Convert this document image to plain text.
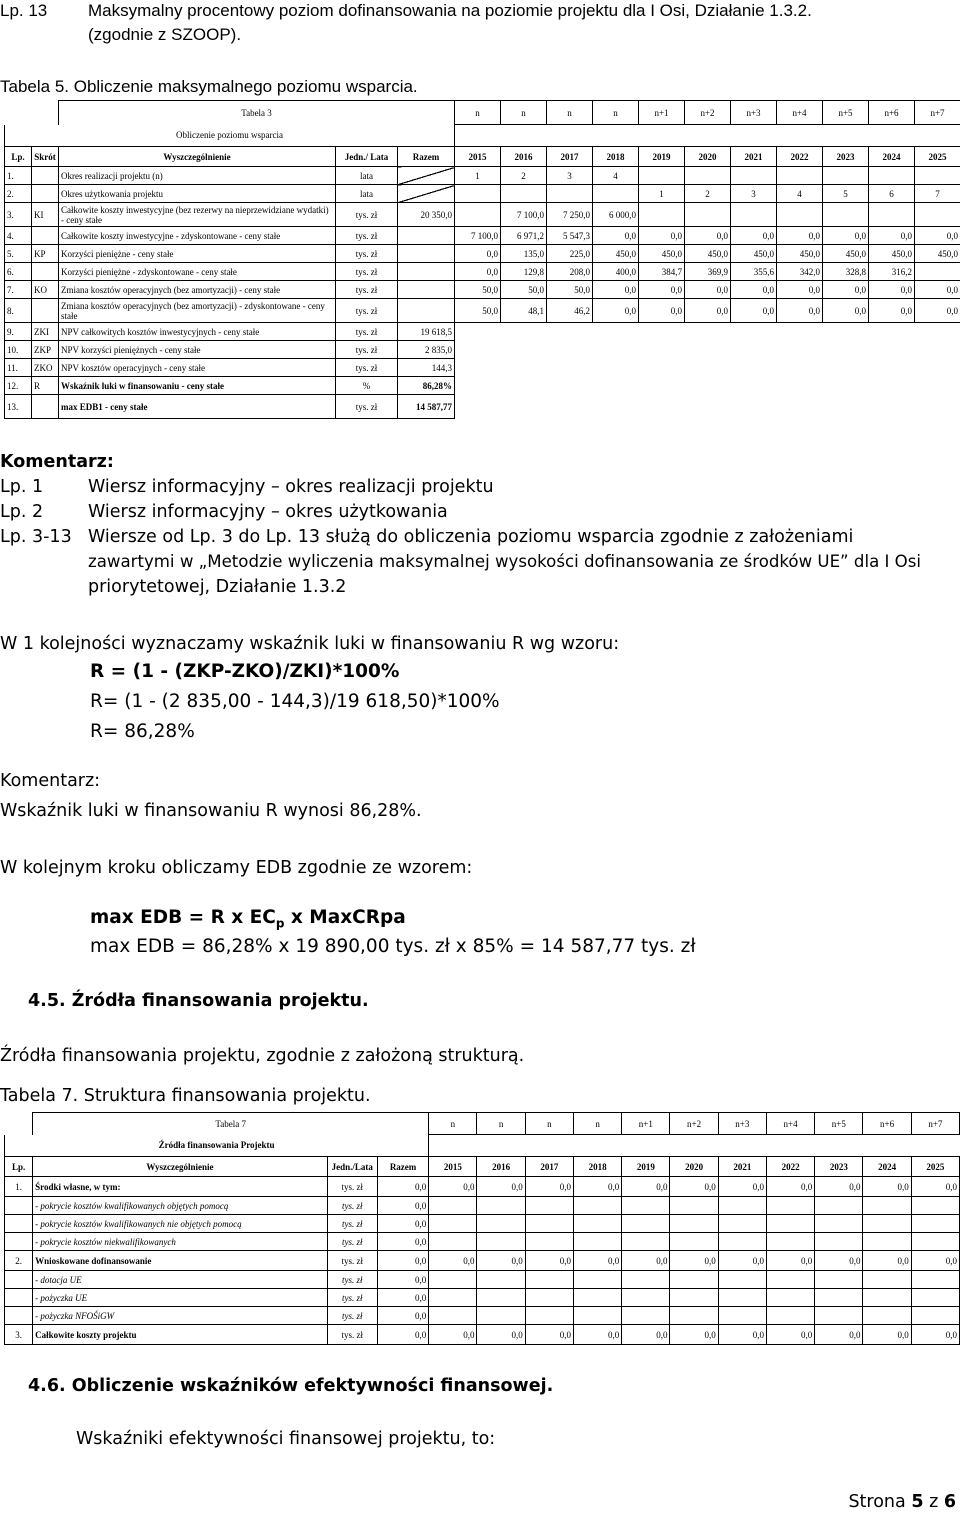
Lp. 13 Maksymalny procentowy poziom dofinansowania na poziomie projektu dla I Osi, Działanie 1.3.2.
(zgodnie z SZOOP).
Tabela 5. Obliczenie maksymalnego poziomu wsparcia.
		Tabela 3			n	n	n	n	n+1	n+2	n+3	n+4	n+5	n+6	n+7
Obliczenie poziomu wsparcia															
Lp.	Skrót	Wyszczególnienie	Jedn./ Lata	Razem	2015	2016	2017	2018	2019	2020	2021	2022	2023	2024	2025
1.		Okres realizacji projektu (n)	lata		1	2	3	4							
2.		Okres użytkowania projektu	lata						1	2	3	4	5	6	7
3.	KI	Całkowite koszty inwestycyjne (bez rezerwy na nieprzewidziane wydatki) - ceny stałe	tys. zł	20 350,0		7 100,0	7 250,0	6 000,0							
4.		Całkowite koszty inwestycyjne - zdyskontowane - ceny stałe	tys. zł		7 100,0	6 971,2	5 547,3	0,0	0,0	0,0	0,0	0,0	0,0	0,0	0,0
5.	KP	Korzyści pieniężne - ceny stałe	tys. zł		0,0	135,0	225,0	450,0	450,0	450,0	450,0	450,0	450,0	450,0	450,0
6.		Korzyści pieniężne - zdyskontowane - ceny stałe	tys. zł		0,0	129,8	208,0	400,0	384,7	369,9	355,6	342,0	328,8	316,2	
7.	KO	Zmiana kosztów operacyjnych (bez amortyzacji) - ceny stałe	tys. zł		50,0	50,0	50,0	0,0	0,0	0,0	0,0	0,0	0,0	0,0	0,0
8.		Zmiana kosztów operacyjnych (bez amortyzacji) - zdyskontowane - ceny stałe	tys. zł		50,0	48,1	46,2	0,0	0,0	0,0	0,0	0,0	0,0	0,0	0,0
9.	ZKI	NPV całkowitych kosztów inwestycyjnych - ceny stałe	tys. zł	19 618,5											
10.	ZKP	NPV korzyści pieniężnych - ceny stałe	tys. zł	2 835,0											
11.	ZKO	NPV kosztów operacyjnych - ceny stałe	tys. zł	144,3											
12.	R	Wskaźnik luki w finansowaniu - ceny stałe	%	86,28%											
13.		max EDB1 - ceny stałe	tys. zł	14 587,77											
Komentarz:
Lp. 1	Wiersz informacyjny – okres realizacji projektu
Lp. 2	Wiersz informacyjny – okres użytkowania
Lp. 3-13 Wiersze od Lp. 3 do Lp. 13 służą do obliczenia poziomu wsparcia zgodnie z założeniami
zawartymi w „Metodzie wyliczenia maksymalnej wysokości dofinansowania ze środków UE” dla I Osi
priorytetowej, Działanie 1.3.2
W 1 kolejności wyznaczamy wskaźnik luki w finansowaniu R wg wzoru:
R = (1 - (ZKP-ZKO)/ZKI)*100%
R= (1 - (2 835,00 - 144,3)/19 618,50)*100%
R= 86,28%
Komentarz:
Wskaźnik luki w finansowaniu R wynosi 86,28%.
W kolejnym kroku obliczamy EDB zgodnie ze wzorem:
max EDB = R x $EC_p$ x MaxCRpa
max EDB = 86,28% x 19 890,00 tys. zł x 85% = 14 587,77 tys. zł
4.5. Źródła finansowania projektu.
Źródła finansowania projektu, zgodnie z założoną strukturą.
Tabela 7. Struktura finansowania projektu.
	Tabela 7			n	n	n	n	n+1	n+2	n+3	n+4	n+5	n+6	n+7
Źródła finansowania Projektu														
Lp.	Wyszczególnienie	Jedn./Lata	Razem	2015	2016	2017	2018	2019	2020	2021	2022	2023	2024	2025
1.	Środki własne, w tym:	tys. zł	0,0	0,0	0,0	0,0	0,0	0,0	0,0	0,0	0,0	0,0	0,0	0,0
	- pokrycie kosztów kwalifikowanych objętych pomocą	tys. zł	0,0											
	- pokrycie kosztów kwalifikowanych nie objętych pomocą	tys. zł	0,0											
	- pokrycie kosztów niekwalifikowanych	tys. zł	0,0											
2.	Wnioskowane dofinansowanie	tys. zł	0,0	0,0	0,0	0,0	0,0	0,0	0,0	0,0	0,0	0,0	0,0	0,0
	- dotacja UE	tys. zł	0,0											
	- pożyczka UE	tys. zł	0,0											
	- pożyczka NFOŚiGW	tys. zł	0,0											
3.	Całkowite koszty projektu	tys. zł	0,0	0,0	0,0	0,0	0,0	0,0	0,0	0,0	0,0	0,0	0,0	0,0
4.6. Obliczenie wskaźników efektywności finansowej.
Wskaźniki efektywności finansowej projektu, to:
Strona 5 z 6
